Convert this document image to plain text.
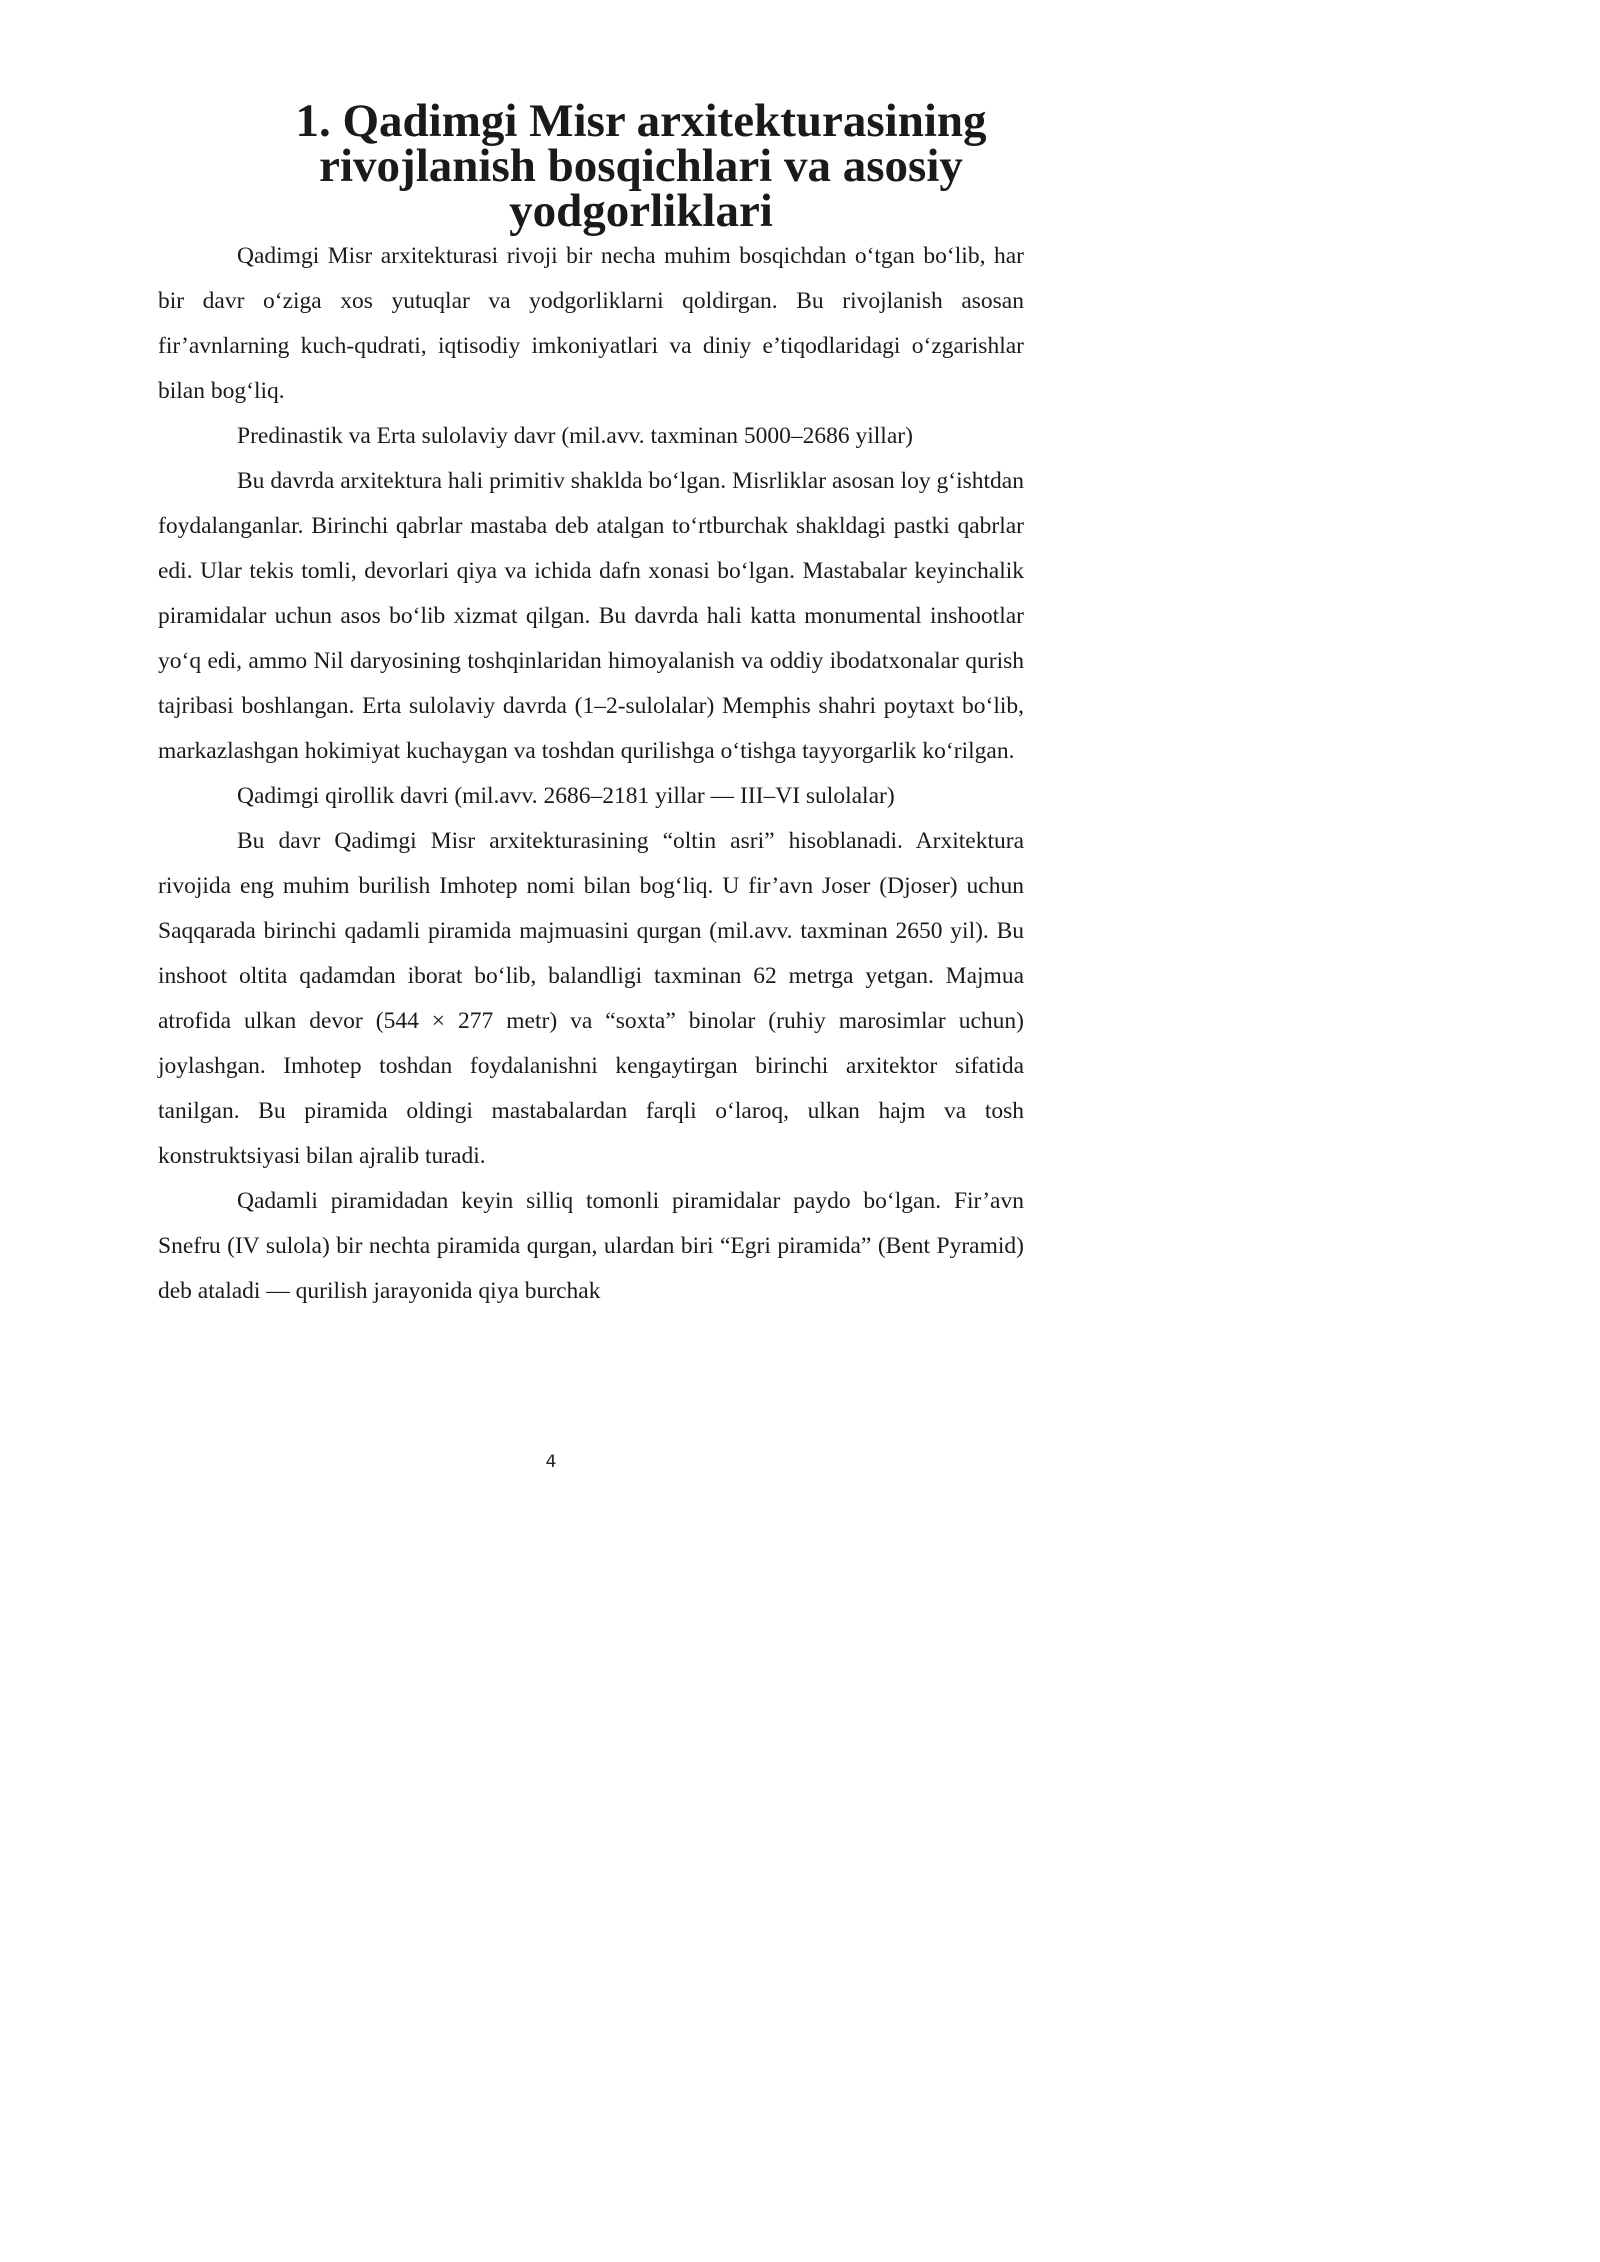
1. Qadimgi Misr arxitekturasining rivojlanish bosqichlari va asosiy yodgorliklari

Qadimgi Misr arxitekturasi rivoji bir necha muhim bosqichdan o‘tgan bo‘lib, har bir davr o‘ziga xos yutuqlar va yodgorliklarni qoldirgan. Bu rivojlanish asosan fir’avnlarning kuch-qudrati, iqtisodiy imkoniyatlari va diniy e’tiqodlaridagi o‘zgarishlar bilan bog‘liq.

Predinastik va Erta sulolaviy davr (mil.avv. taxminan 5000–2686 yillar)

Bu davrda arxitektura hali primitiv shaklda bo‘lgan. Misrliklar asosan loy g‘ishtdan foydalanganlar. Birinchi qabrlar mastaba deb atalgan to‘rtburchak shakldagi pastki qabrlar edi. Ular tekis tomli, devorlari qiya va ichida dafn xonasi bo‘lgan. Mastabalar keyinchalik piramidalar uchun asos bo‘lib xizmat qilgan. Bu davrda hali katta monumental inshootlar yo‘q edi, ammo Nil daryosining toshqinlaridan himoyalanish va oddiy ibodatxonalar qurish tajribasi boshlangan. Erta sulolaviy davrda (1–2-sulolalar) Memphis shahri poytaxt bo‘lib, markazlashgan hokimiyat kuchaygan va toshdan qurilishga o‘tishga tayyorgarlik ko‘rilgan.

Qadimgi qirollik davri (mil.avv. 2686–2181 yillar — III–VI sulolalar)

Bu davr Qadimgi Misr arxitekturasining “oltin asri” hisoblanadi. Arxitektura rivojida eng muhim burilish Imhotep nomi bilan bog‘liq. U fir’avn Joser (Djoser) uchun Saqqarada birinchi qadamli piramida majmuasini qurgan (mil.avv. taxminan 2650 yil). Bu inshoot oltita qadamdan iborat bo‘lib, balandligi taxminan 62 metrga yetgan. Majmua atrofida ulkan devor (544 × 277 metr) va “soxta” binolar (ruhiy marosimlar uchun) joylashgan. Imhotep toshdan foydalanishni kengaytirgan birinchi arxitektor sifatida tanilgan. Bu piramida oldingi mastabalardan farqli o‘laroq, ulkan hajm va tosh konstruktsiyasi bilan ajralib turadi.

Qadamli piramidadan keyin silliq tomonli piramidalar paydo bo‘lgan. Fir’avn Snefru (IV sulola) bir nechta piramida qurgan, ulardan biri “Egri piramida” (Bent Pyramid) deb ataladi — qurilish jarayonida qiya burchak

4
